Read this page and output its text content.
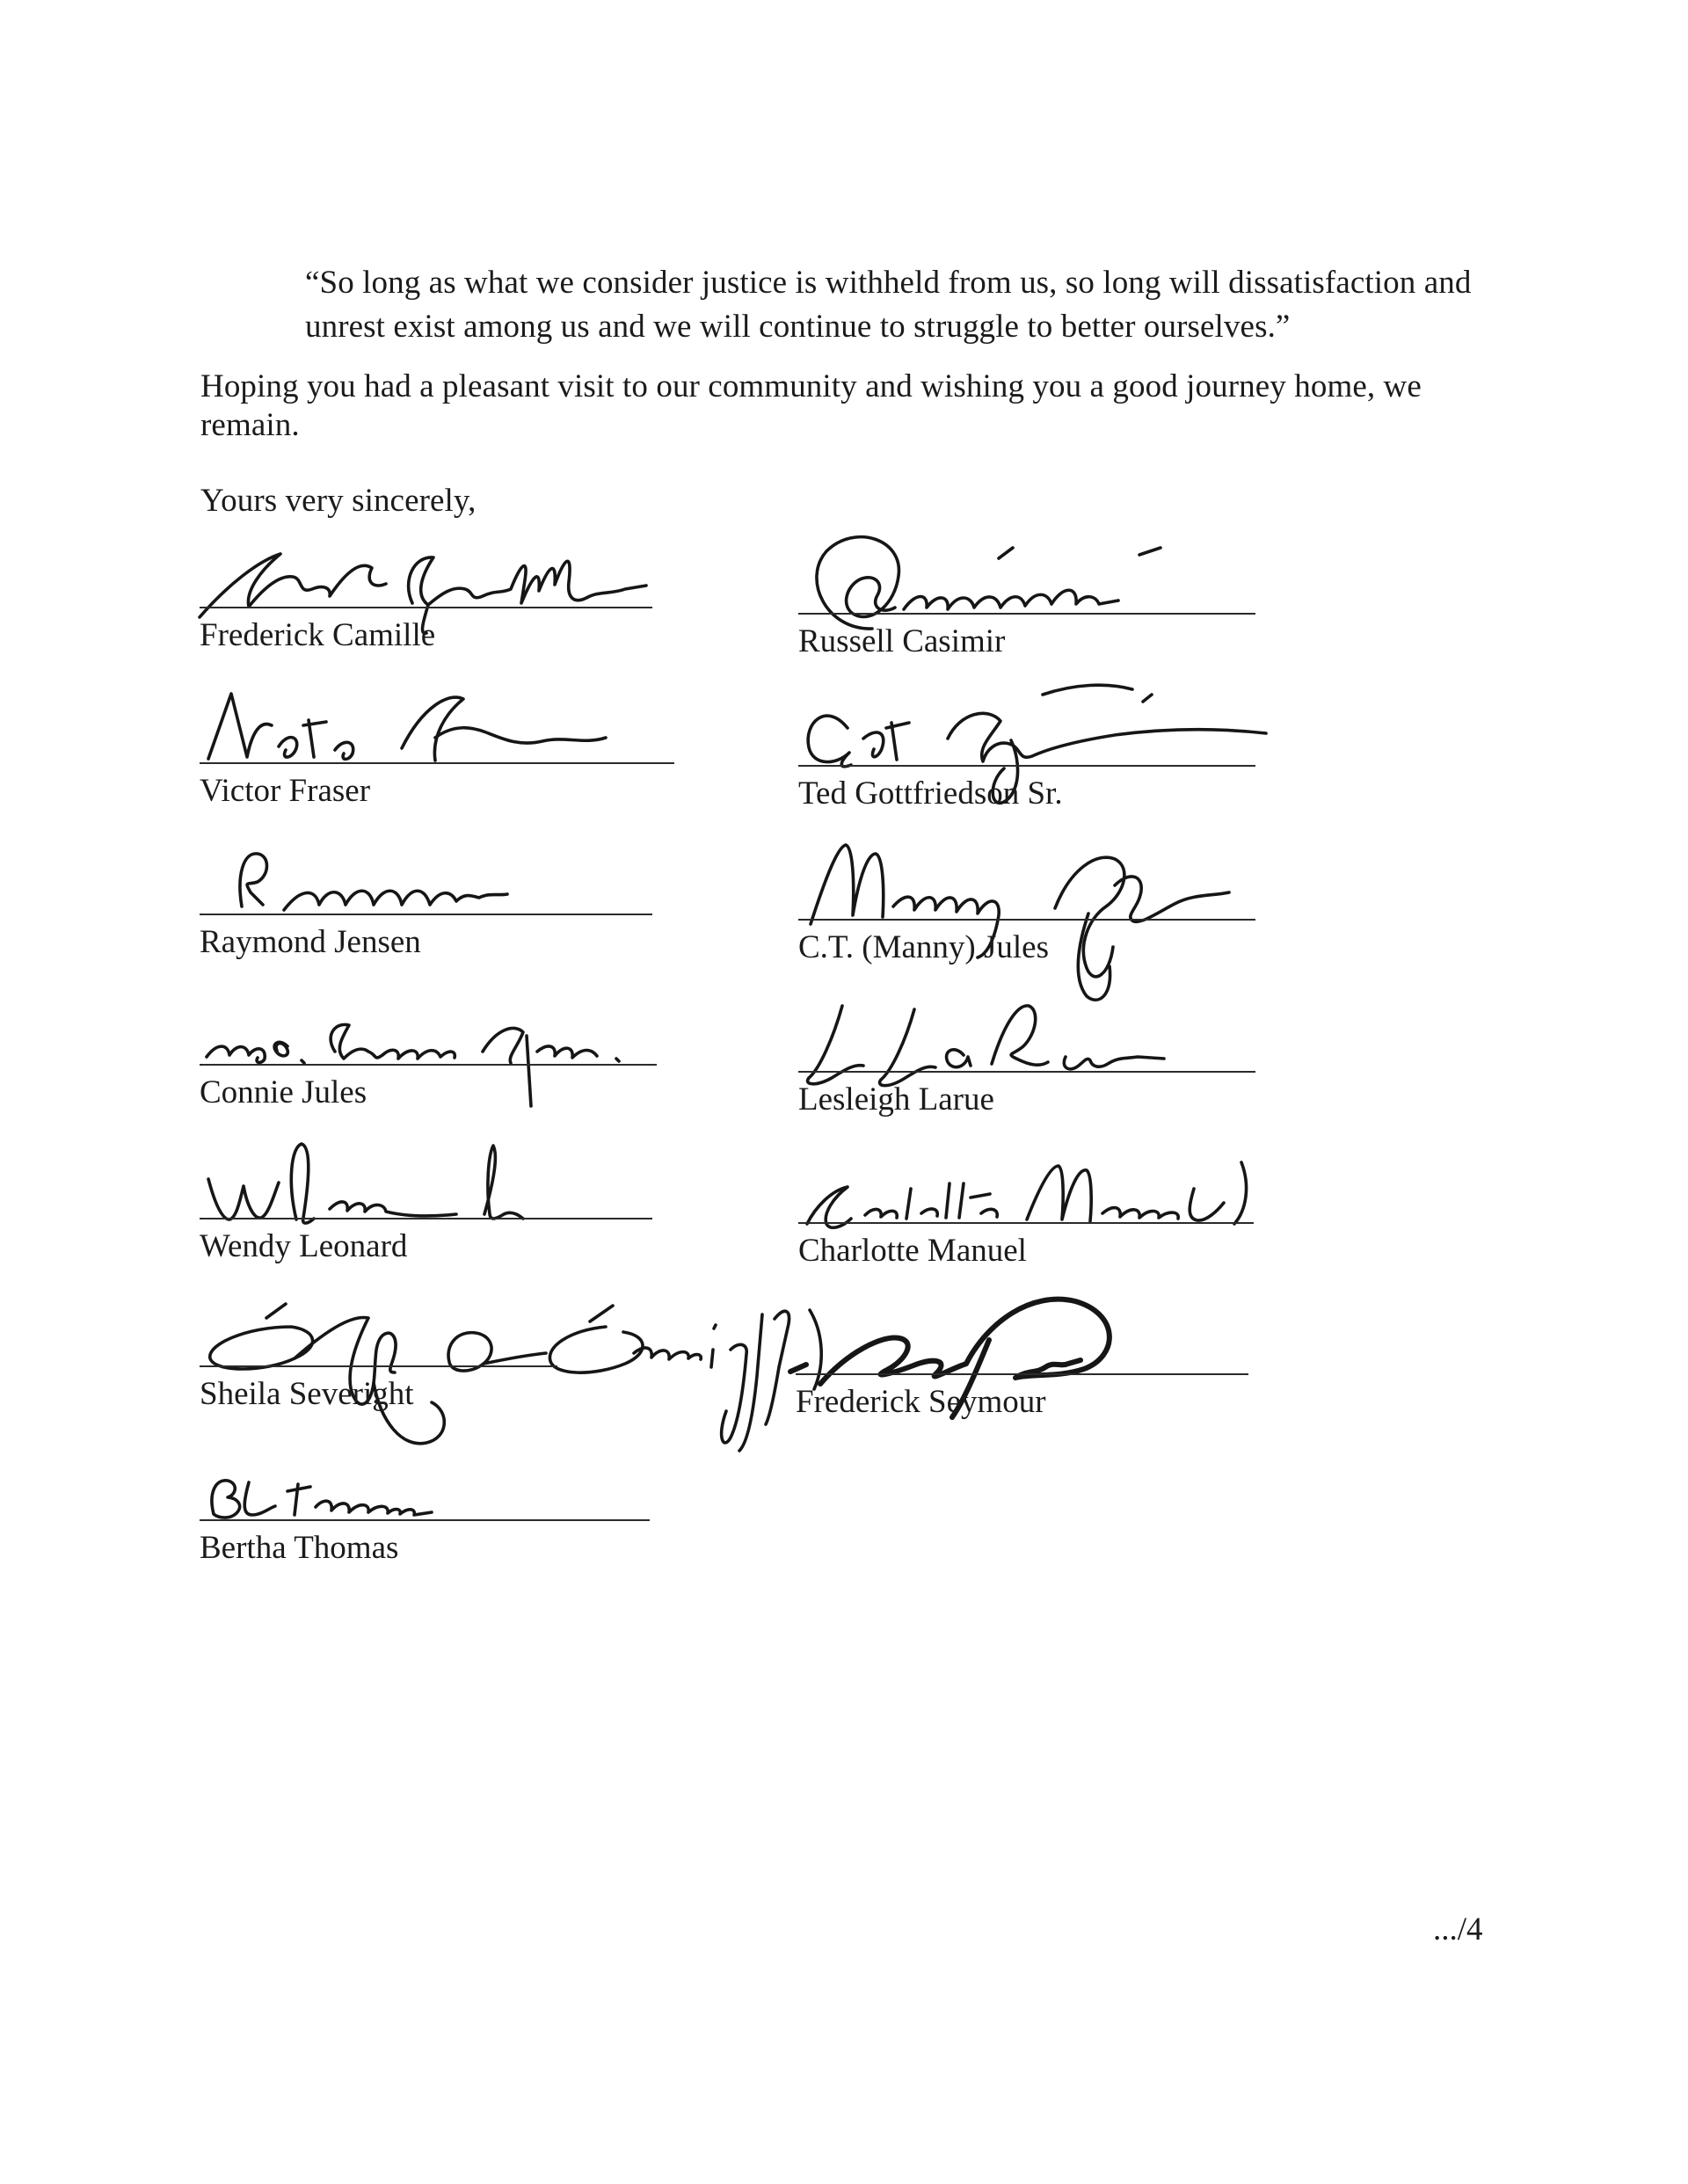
“So long as what we consider justice is withheld from us, so long will dissatisfaction and
unrest exist among us and we will continue to struggle to better ourselves.”
Hoping you had a pleasant visit to our community and wishing you a good journey home, we
remain.
Yours very sincerely,
Frederick Camille	Russell Casimir
Victor Fraser	Ted Gottfriedson Sr.
Raymond Jensen	C.T. (Manny) Jules
Connie Jules	Lesleigh Larue
Wendy Leonard	Charlotte Manuel
Sheila Severight	Frederick Seymour
Bertha Thomas
.../4
